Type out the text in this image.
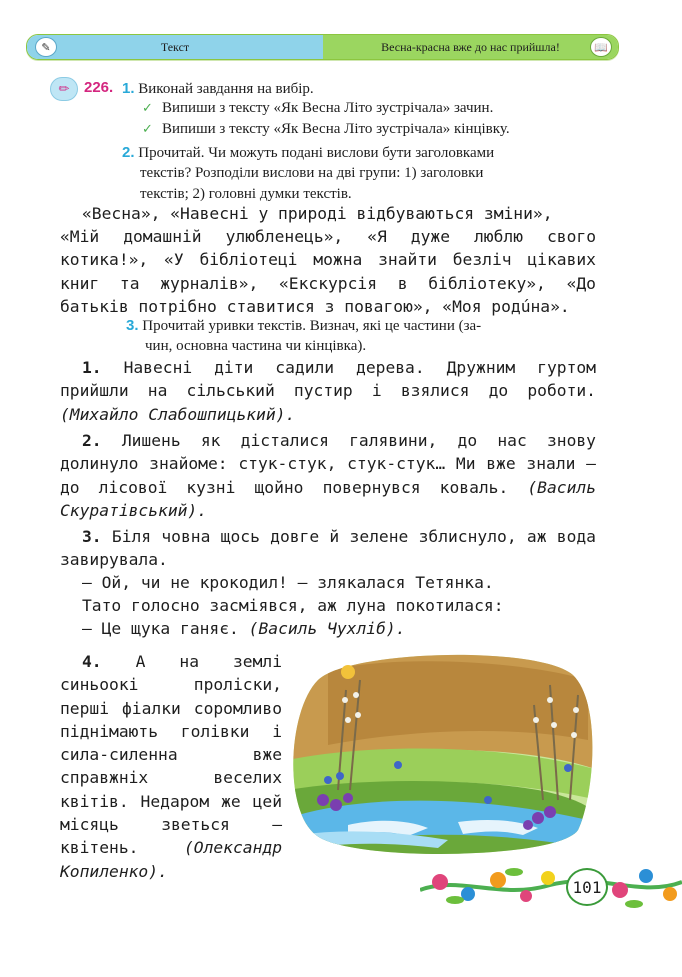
✎	Текст	Весна-красна вже до нас прийшла!	📖
✏ 226. 1. Виконай завдання на вибір.
✓ Випиши з тексту «Як Весна Літо зустрічала» зачин.
✓ Випиши з тексту «Як Весна Літо зустрічала» кінцівку.
2. Прочитай. Чи можуть подані вислови бути заголовками
текстів? Розподіли вислови на дві групи: 1) заголовки
текстів; 2) головні думки текстів.

«Весна», «Навесні у природі відбуваються зміни»,

«Мій домашній улюбленець», «Я дуже люблю свого котика!», «У бібліотеці можна знайти безліч цікавих книг та журналів», «Екскурсія в бібліотеку», «До батьків потрібно ставитися з повагою», «Моя родúна».

3. Прочитай уривки текстів. Визнач, які це частини (за-
чин, основна частина чи кінцівка).

1. Навесні діти садили дерева. Дружним гуртом прийшли на сільський пустир і взялися до роботи. (Михайло Слабошпицький).

2. Лишень як дісталися галявини, до нас знову долинуло знайоме: стук-стук, стук-стук… Ми вже знали — до лісової кузні щойно повернувся коваль. (Василь Скуратівський).

3. Біля човна щось довге й зелене зблиснуло, аж вода завирувала.

— Ой, чи не крокодил! — злякалася Тетянка.

Тато голосно засміявся, аж луна покотилася:

— Це щука ганяє. (Василь Чухліб).

4. А на землі синьоокі проліски, перші фіалки соромливо піднімають голівки і сила-силенна вже справжніх веселих квітів. Недаром же цей місяць зветься — квітень.	(Олександр Копиленко).

101
